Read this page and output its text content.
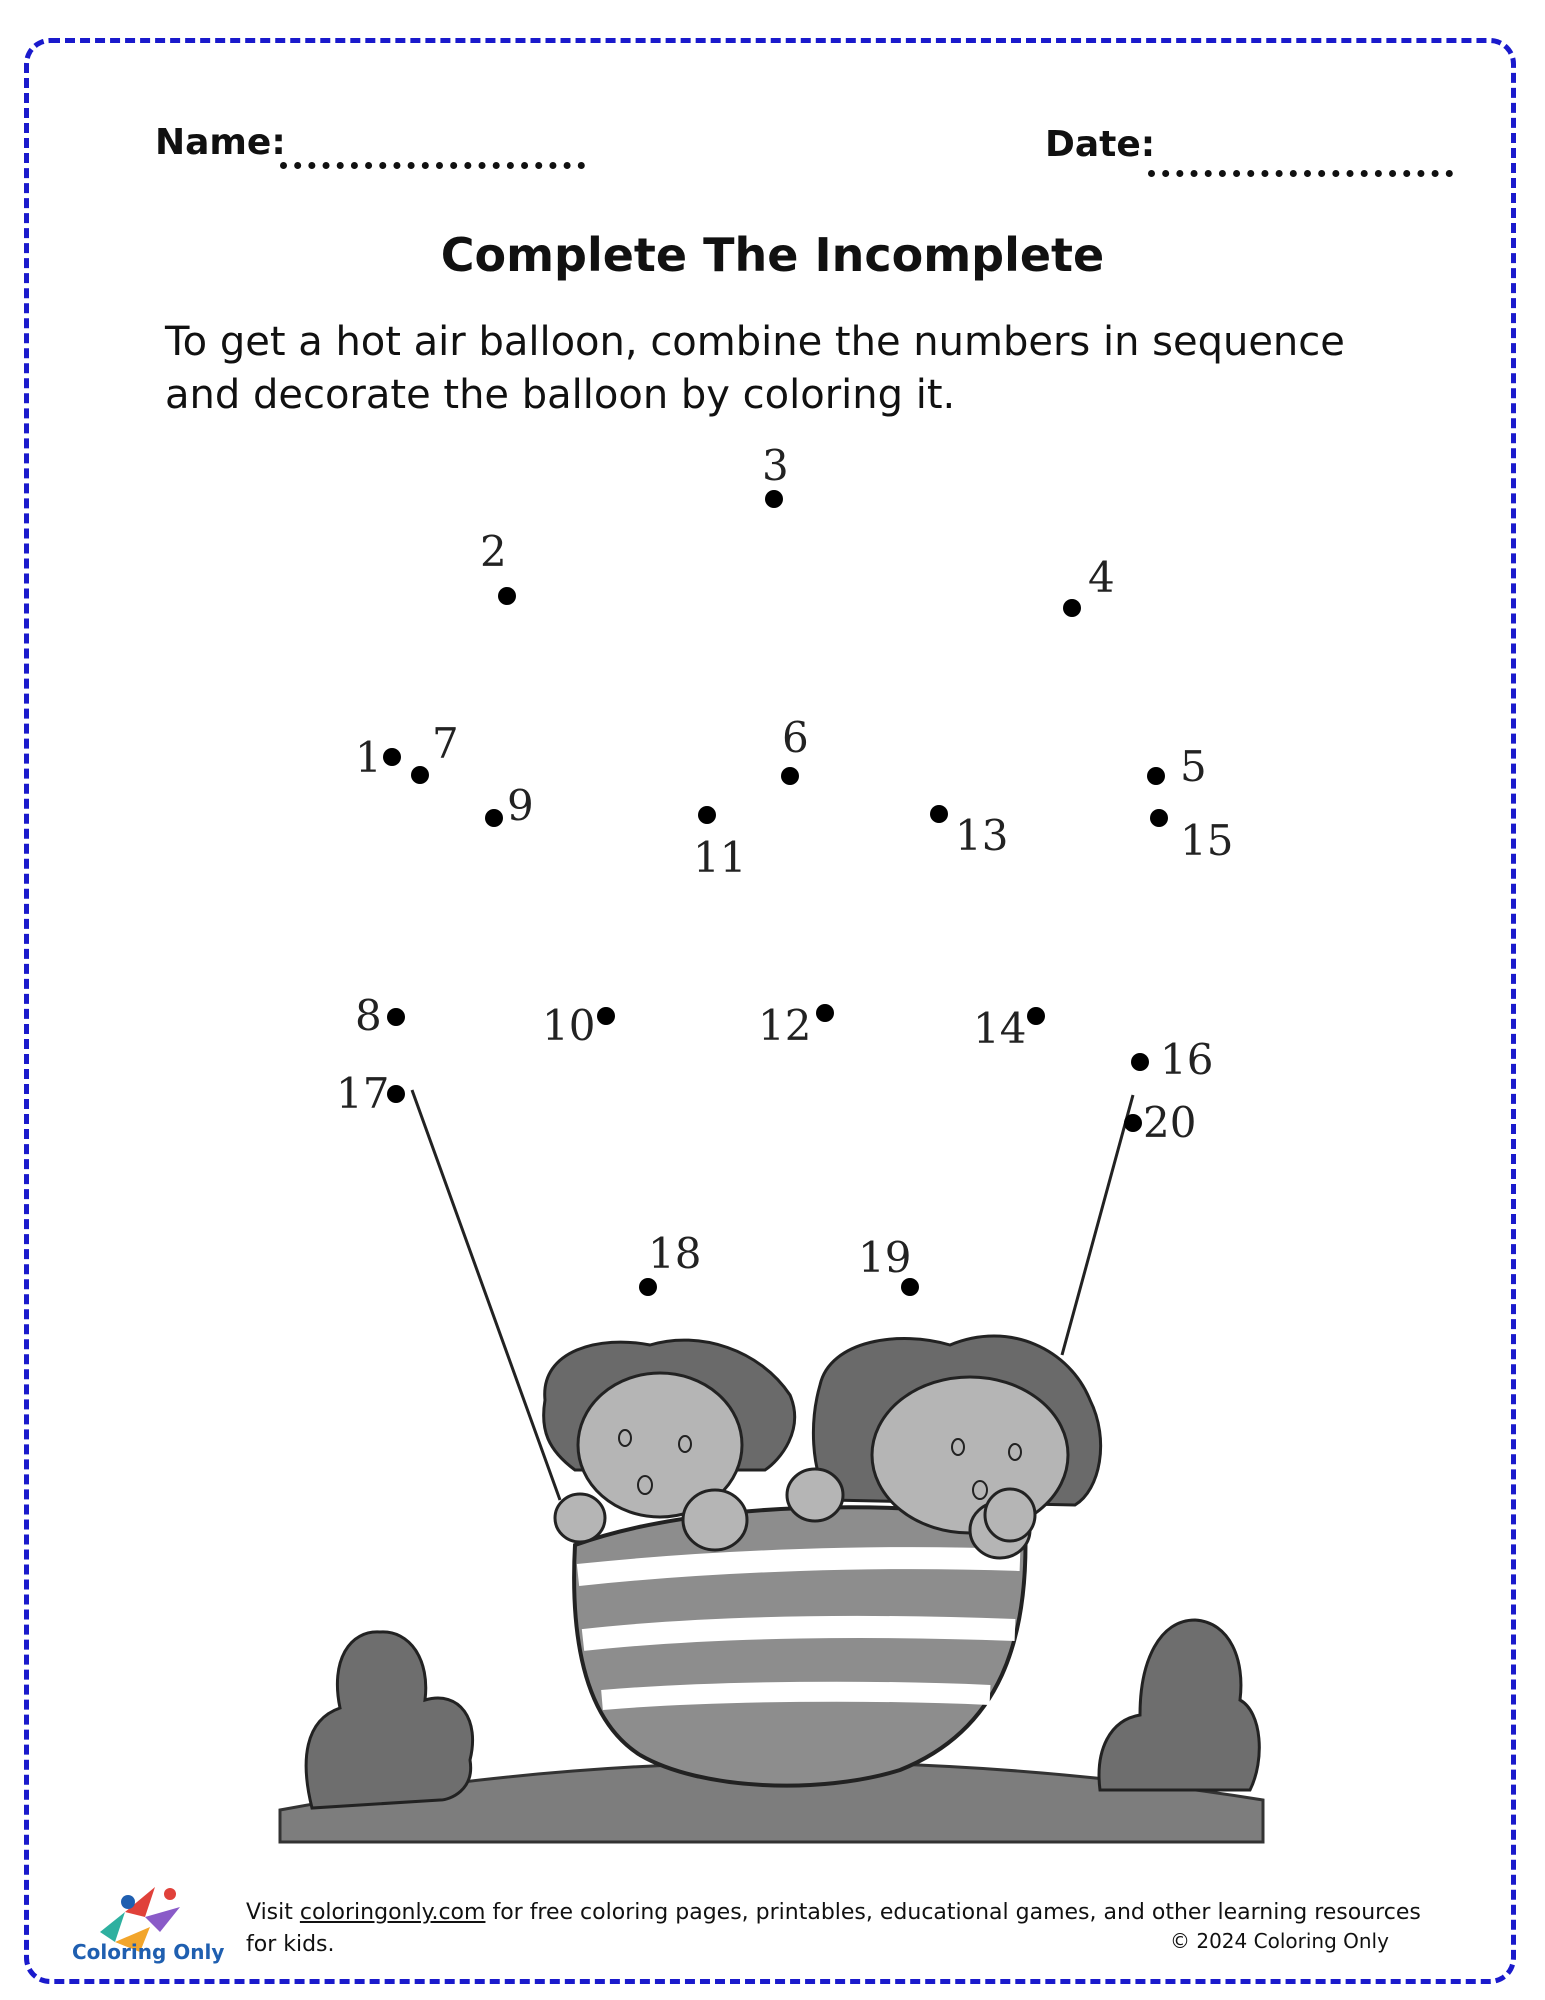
Name:	Date:
Complete The Incomplete
To get a hot air balloon, combine the numbers in sequence and decorate the balloon by coloring it.
1
2
3
4
5
6
7
8
9
10
11
12
13
14
15
16
17
18	19
20
Coloring Only
Visit coloringonly.com for free coloring pages, printables, educational games, and other learning resources for kids.	© 2024 Coloring Only
